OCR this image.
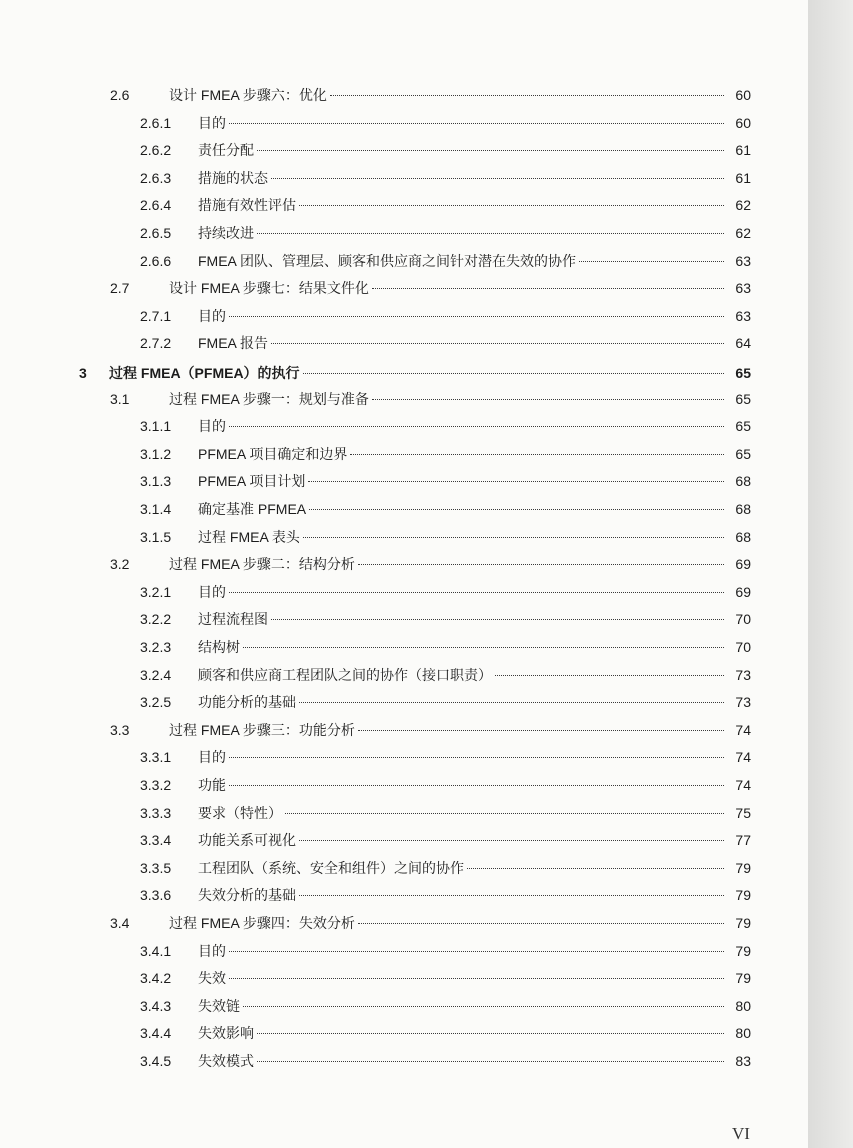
2.6	设计 FMEA 步骤六：优化	60
2.6.1 目的	60
2.6.2 责任分配	61
2.6.3 措施的状态	61
2.6.4 措施有效性评估	62
2.6.5 持续改进	62
2.6.6 FMEA 团队、管理层、顾客和供应商之间针对潜在失效的协作	63
2.7	设计 FMEA 步骤七：结果文件化	63
2.7.1 目的	63
2.7.2 FMEA 报告	64
3 过程 FMEA（PFMEA）的执行	65
3.1	过程 FMEA 步骤一：规划与准备	65
3.1.1 目的	65
3.1.2 PFMEA 项目确定和边界	65
3.1.3 PFMEA 项目计划	68
3.1.4 确定基准 PFMEA	68
3.1.5 过程 FMEA 表头	68
3.2	过程 FMEA 步骤二：结构分析	69
3.2.1 目的	69
3.2.2 过程流程图	70
3.2.3 结构树	70
3.2.4 顾客和供应商工程团队之间的协作（接口职责）	73
3.2.5 功能分析的基础	73
3.3	过程 FMEA 步骤三：功能分析	74
3.3.1 目的	74
3.3.2 功能	74
3.3.3 要求（特性）	75
3.3.4 功能关系可视化	77
3.3.5 工程团队（系统、安全和组件）之间的协作	79
3.3.6 失效分析的基础	79
3.4	过程 FMEA 步骤四：失效分析	79
3.4.1 目的	79
3.4.2 失效	79
3.4.3 失效链	80
3.4.4 失效影响	80
3.4.5 失效模式	83
VI
